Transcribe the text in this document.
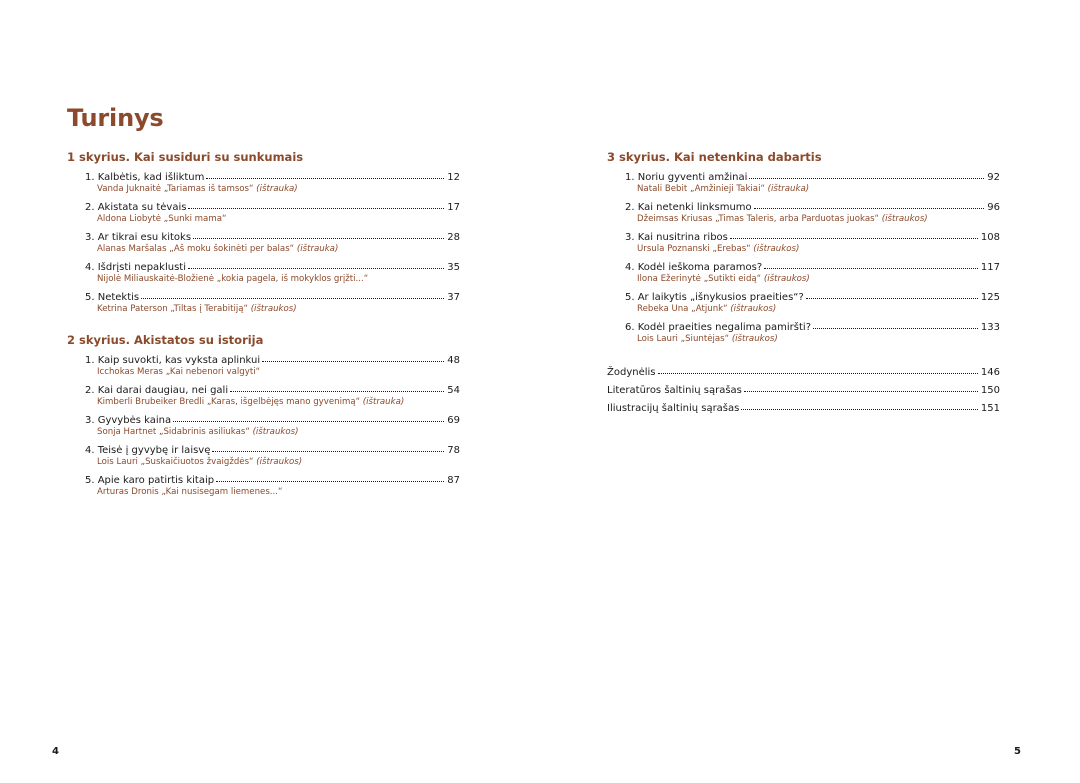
Turinys
1 skyrius. Kai susiduri su sunkumais
1. Kalbėtis, kad išliktum	12
Vanda Juknaitė „Tariamas iš tamsos“ (ištrauka)
2. Akistata su tėvais	17
Aldona Liobytė „Sunki mama“
3. Ar tikrai esu kitoks	28
Alanas Maršalas „Aš moku šokinėti per balas“ (ištrauka)
4. Išdrįsti nepaklusti	35
Nijolė Miliauskaitė-Bložienė „kokia pagela, iš mokyklos grįžti...“
5. Netektis	37
Ketrina Paterson „Tiltas į Terabitiją“ (ištraukos)
2 skyrius. Akistatos su istorija
1. Kaip suvokti, kas vyksta aplinkui	48
Icchokas Meras „Kai nebenori valgyti“
2. Kai darai daugiau, nei gali	54
Kimberli Brubeiker Bredli „Karas, išgelbėjęs mano gyvenimą“ (ištrauka)
3. Gyvybės kaina	69
Sonja Hartnet „Sidabrinis asiliukas“ (ištraukos)
4. Teisė į gyvybę ir laisvę	78
Lois Lauri „Suskaičiuotos žvaigždės“ (ištraukos)
5. Apie karo patirtis kitaip	87
Arturas Dronis „Kai nusisegam liemenes...“
3 skyrius. Kai netenkina dabartis
1. Noriu gyventi amžinai	92
Natali Bebit „Amžinieji Takiai“ (ištrauka)
2. Kai netenki linksmumo	96
Džeimsas Kriusas „Timas Taleris, arba Parduotas juokas“ (ištraukos)
3. Kai nusitrina ribos	108
Ursula Poznanski „Erebas“ (ištraukos)
4. Kodėl ieškoma paramos?	117
Ilona Ežerinytė „Sutikti eidą“ (ištraukos)
5. Ar laikytis „išnykusios praeities“?	125
Rebeka Una „Atjunk“ (ištraukos)
6. Kodėl praeities negalima pamiršti?	133
Lois Lauri „Siuntėjas“ (ištraukos)
Žodynėlis	146
Literatūros šaltinių sąrašas	150
Iliustracijų šaltinių sąrašas	151
4	5
